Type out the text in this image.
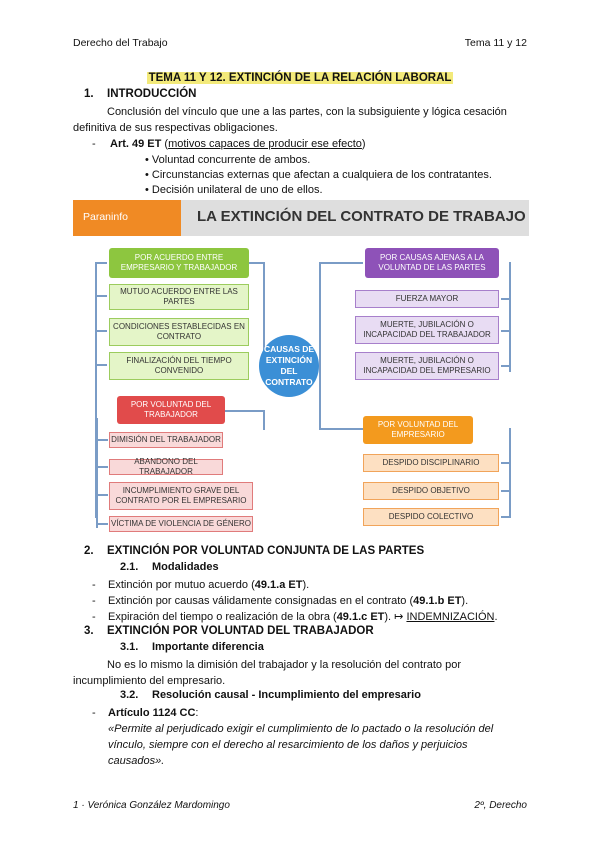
Derecho del Trabajo	Tema 11 y 12
TEMA 11 Y 12. EXTINCIÓN DE LA RELACIÓN LABORAL
1. INTRODUCCIÓN
Conclusión del vínculo que une a las partes, con la subsiguiente y lógica cesación
definitiva de sus respectivas obligaciones.
- Art. 49 ET (motivos capaces de producir ese efecto)
• Voluntad concurrente de ambos.
• Circunstancias externas que afectan a cualquiera de los contratantes.
• Decisión unilateral de uno de ellos.
Paraninfo	LA EXTINCIÓN DEL CONTRATO DE TRABAJO
POR ACUERDO ENTRE EMPRESARIO Y TRABAJADOR
MUTUO ACUERDO ENTRE LAS PARTES
CONDICIONES ESTABLECIDAS EN CONTRATO
FINALIZACIÓN DEL TIEMPO CONVENIDO
CAUSAS DE EXTINCIÓN DEL CONTRATO
POR CAUSAS AJENAS A LA VOLUNTAD DE LAS PARTES
FUERZA MAYOR
MUERTE, JUBILACIÓN O INCAPACIDAD DEL TRABAJADOR
MUERTE, JUBILACIÓN O INCAPACIDAD DEL EMPRESARIO
POR VOLUNTAD DEL TRABAJADOR
DIMISIÓN DEL TRABAJADOR
ABANDONO DEL TRABAJADOR
INCUMPLIMIENTO GRAVE DEL CONTRATO POR EL EMPRESARIO
VÍCTIMA DE VIOLENCIA DE GÉNERO
POR VOLUNTAD DEL EMPRESARIO
DESPIDO DISCIPLINARIO
DESPIDO OBJETIVO
DESPIDO COLECTIVO
2. EXTINCIÓN POR VOLUNTAD CONJUNTA DE LAS PARTES
2.1. Modalidades
- Extinción por mutuo acuerdo (49.1.a ET).
- Extinción por causas válidamente consignadas en el contrato (49.1.b ET).
- Expiración del tiempo o realización de la obra (49.1.c ET). ↦ INDEMNIZACIÓN.
3. EXTINCIÓN POR VOLUNTAD DEL TRABAJADOR
3.1. Importante diferencia
No es lo mismo la dimisión del trabajador y la resolución del contrato por
incumplimiento del empresario.
3.2. Resolución causal - Incumplimiento del empresario
- Artículo 1124 CC:
«Permite al perjudicado exigir el cumplimiento de lo pactado o la resolución del
vínculo, siempre con el derecho al resarcimiento de los daños y perjuicios
causados».
1 · Verónica González Mardomingo	2º, Derecho
